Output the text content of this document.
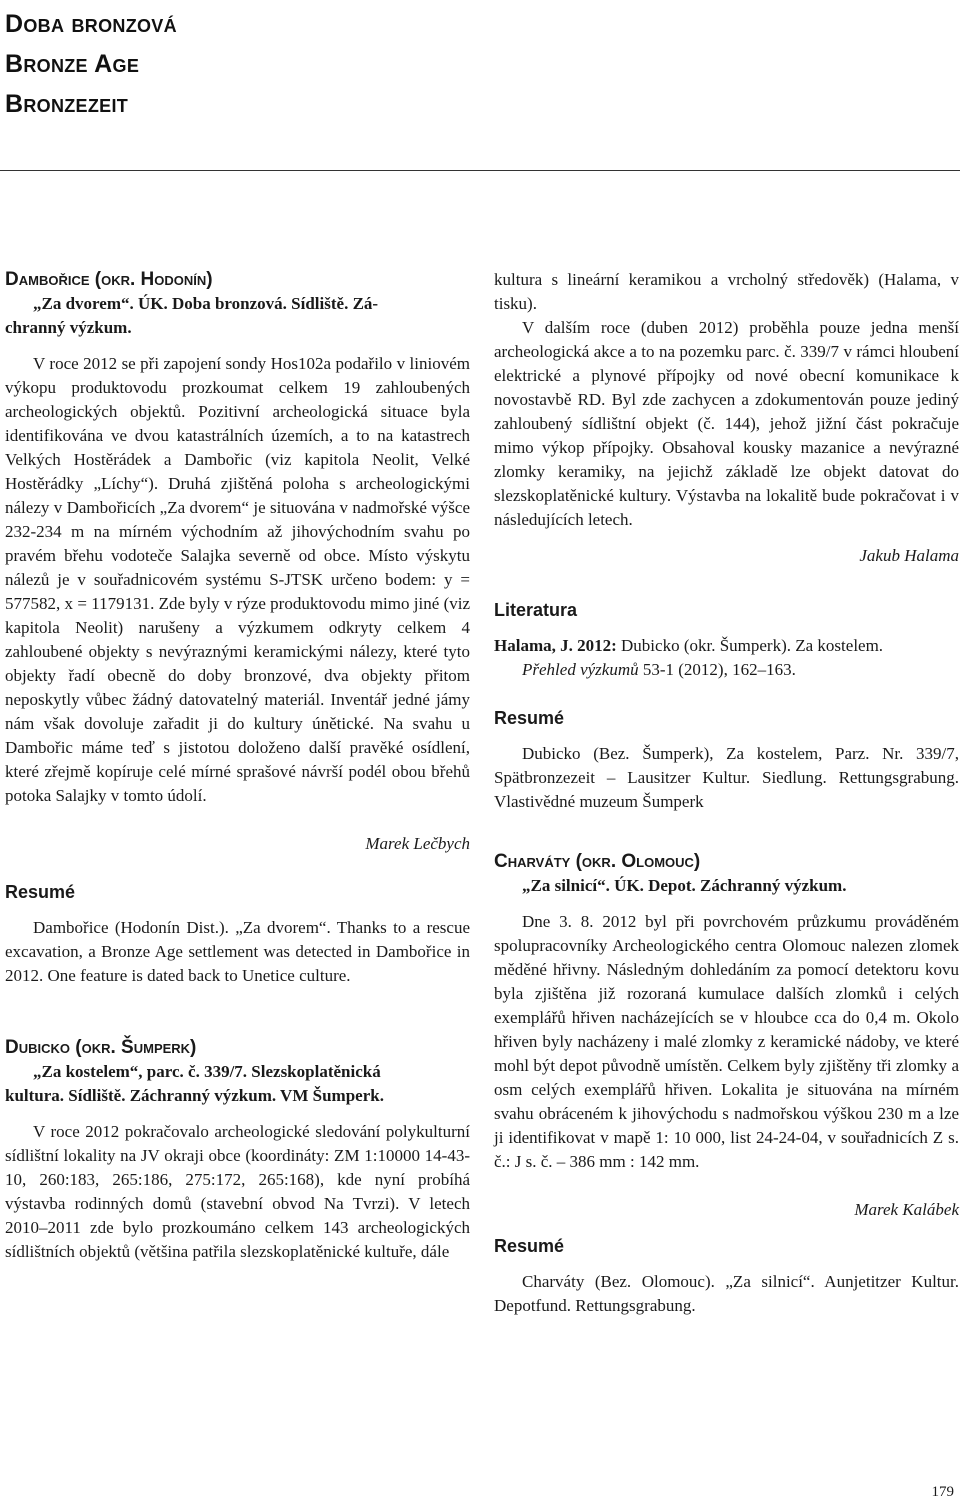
Doba bronzová
Bronze Age
Bronzezeit

Dambořice (okr. Hodonín)

„Za dvorem“. ÚK. Doba bronzová. Sídliště. Zá-
chranný výzkum.

V roce 2012 se při zapojení sondy Hos102a podařilo v liniovém výkopu produktovodu prozkoumat celkem 19 zahloubených archeologických objektů. Pozitivní archeologická situace byla identifikována ve dvou katastrálních územích, a to na katastrech Velkých Hostěrádek a Dambořic (viz kapitola Neolit, Velké Hostěrádky „Líchy“). Druhá zjištěná poloha s archeologickými nálezy v Dambořicích „Za dvorem“ je situována v nadmořské výšce 232-234 m na mírném východním až jihovýchodním svahu po pravém břehu vodoteče Salajka severně od obce. Místo výskytu nálezů je v souřadnicovém systému S-JTSK určeno bodem: y = 577582, x = 1179131. Zde byly v rýze produktovodu mimo jiné (viz kapitola Neolit) narušeny a výzkumem odkryty celkem 4 zahloubené objekty s nevýraznými keramickými nálezy, které tyto objekty řadí obecně do doby bronzové, dva objekty přitom neposkytly vůbec žádný datovatelný materiál. Inventář jedné jámy nám však dovoluje zařadit ji do kultury únětické. Na svahu u Dambořic máme teď s jistotou doloženo další pravěké osídlení, které zřejmě kopíruje celé mírné sprašové návrší podél obou břehů potoka Salajky v tomto údolí.

Marek Lečbych

Resumé

Dambořice (Hodonín Dist.). „Za dvorem“. Thanks to a rescue excavation, a Bronze Age settlement was detected in Dambořice in 2012. One feature is dated back to Unetice culture.

Dubicko (okr. Šumperk)

„Za kostelem“, parc. č. 339/7. Slezskoplatěnická
kultura. Sídliště. Záchranný výzkum. VM Šumperk.

V roce 2012 pokračovalo archeologické sledování polykulturní sídlištní lokality na JV okraji obce (koordináty: ZM 1:10000 14-43-10, 260:183, 265:186, 275:172, 265:168), kde nyní probíhá výstavba rodinných domů (stavební obvod Na Tvrzi). V letech 2010–2011 zde bylo prozkoumáno celkem 143 archeologických sídlištních objektů (většina patřila slezskoplatěnické kultuře, dále

kultura s lineární keramikou a vrcholný středověk) (Halama, v tisku).

V dalším roce (duben 2012) proběhla pouze jedna menší archeologická akce a to na pozemku parc. č. 339/7 v rámci hloubení elektrické a plynové přípojky od nové obecní komunikace k novostavbě RD. Byl zde zachycen a zdokumentován pouze jediný zahloubený sídlištní objekt (č. 144), jehož jižní část pokračuje mimo výkop přípojky. Obsahoval kousky mazanice a nevýrazné zlomky keramiky, na jejichž základě lze objekt datovat do slezskoplatěnické kultury. Výstavba na lokalitě bude pokračovat i v následujících letech.

Jakub Halama

Literatura

Halama, J. 2012: Dubicko (okr. Šumperk). Za kostelem.
Přehled výzkumů 53-1 (2012), 162–163.

Resumé

Dubicko (Bez. Šumperk), Za kostelem, Parz. Nr. 339/7, Spätbronzezeit – Lausitzer Kultur. Siedlung. Rettungsgrabung. Vlastivědné muzeum Šumperk

Charváty (okr. Olomouc)

„Za silnicí“. ÚK. Depot. Záchranný výzkum.

Dne 3. 8. 2012 byl při povrchovém průzkumu prováděném spolupracovníky Archeologického centra Olomouc nalezen zlomek měděné hřivny. Následným dohledáním za pomocí detektoru kovu byla zjištěna již rozoraná kumulace dalších zlomků i celých exemplářů hřiven nacházejících se v hloubce cca do 0,4 m. Okolo hřiven byly nacházeny i malé zlomky z keramické nádoby, ve které mohl být depot původně umístěn. Celkem byly zjištěny tři zlomky a osm celých exemplářů hřiven. Lokalita je situována na mírném svahu obráceném k jihovýchodu s nadmořskou výškou 230 m a lze ji identifikovat v mapě 1: 10 000, list 24-24-04, v souřadnicích Z s. č.: J s. č. – 386 mm : 142 mm.

Marek Kalábek

Resumé

Charváty (Bez. Olomouc). „Za silnicí“. Aunjetitzer Kultur. Depotfund. Rettungsgrabung.

179
